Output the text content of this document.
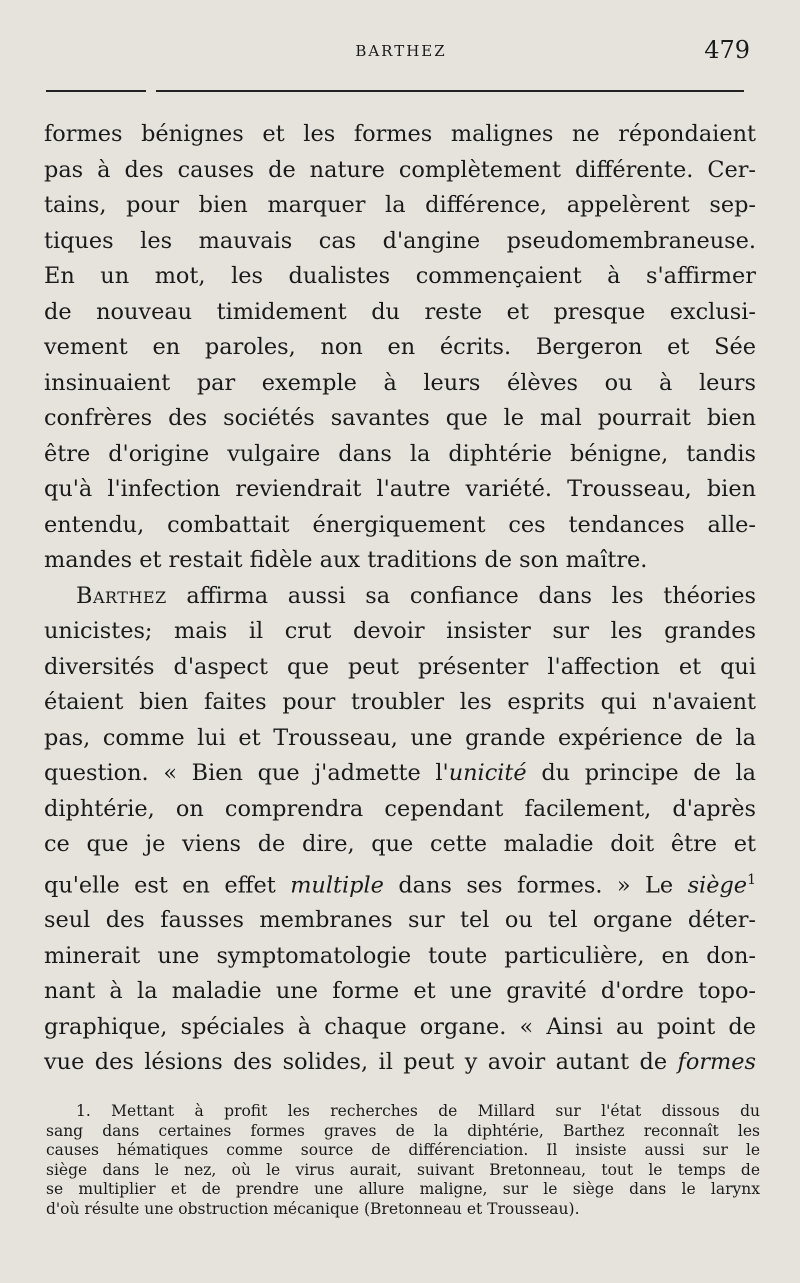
BARTHEZ	479

formes bénignes et les formes malignes ne répondaient
pas à des causes de nature complètement différente. Cer-
tains, pour bien marquer la différence, appelèrent sep-
tiques les mauvais cas d'angine pseudomembraneuse.
En un mot, les dualistes commençaient à s'affirmer
de nouveau timidement du reste et presque exclusi-
vement en paroles, non en écrits. Bergeron et Sée
insinuaient par exemple à leurs élèves ou à leurs
confrères des sociétés savantes que le mal pourrait bien
être d'origine vulgaire dans la diphtérie bénigne, tandis
qu'à l'infection reviendrait l'autre variété. Trousseau, bien
entendu, combattait énergiquement ces tendances alle-
mandes et restait fidèle aux traditions de son maître.

Barthez affirma aussi sa confiance dans les théories
unicistes; mais il crut devoir insister sur les grandes
diversités d'aspect que peut présenter l'affection et qui
étaient bien faites pour troubler les esprits qui n'avaient
pas, comme lui et Trousseau, une grande expérience de la
question. « Bien que j'admette l'unicité du principe de la
diphtérie, on comprendra cependant facilement, d'après
ce que je viens de dire, que cette maladie doit être et
qu'elle est en effet multiple dans ses formes. » Le siège$^1$
seul des fausses membranes sur tel ou tel organe déter-
minerait une symptomatologie toute particulière, en don-
nant à la maladie une forme et une gravité d'ordre topo-
graphique, spéciales à chaque organe. « Ainsi au point de
vue des lésions des solides, il peut y avoir autant de formes

1. Mettant à profit les recherches de Millard sur l'état dissous du
sang dans certaines formes graves de la diphtérie, Barthez reconnaît les
causes hématiques comme source de différenciation. Il insiste aussi sur le
siège dans le nez, où le virus aurait, suivant Bretonneau, tout le temps de
se multiplier et de prendre une allure maligne, sur le siège dans le larynx
d'où résulte une obstruction mécanique (Bretonneau et Trousseau).
